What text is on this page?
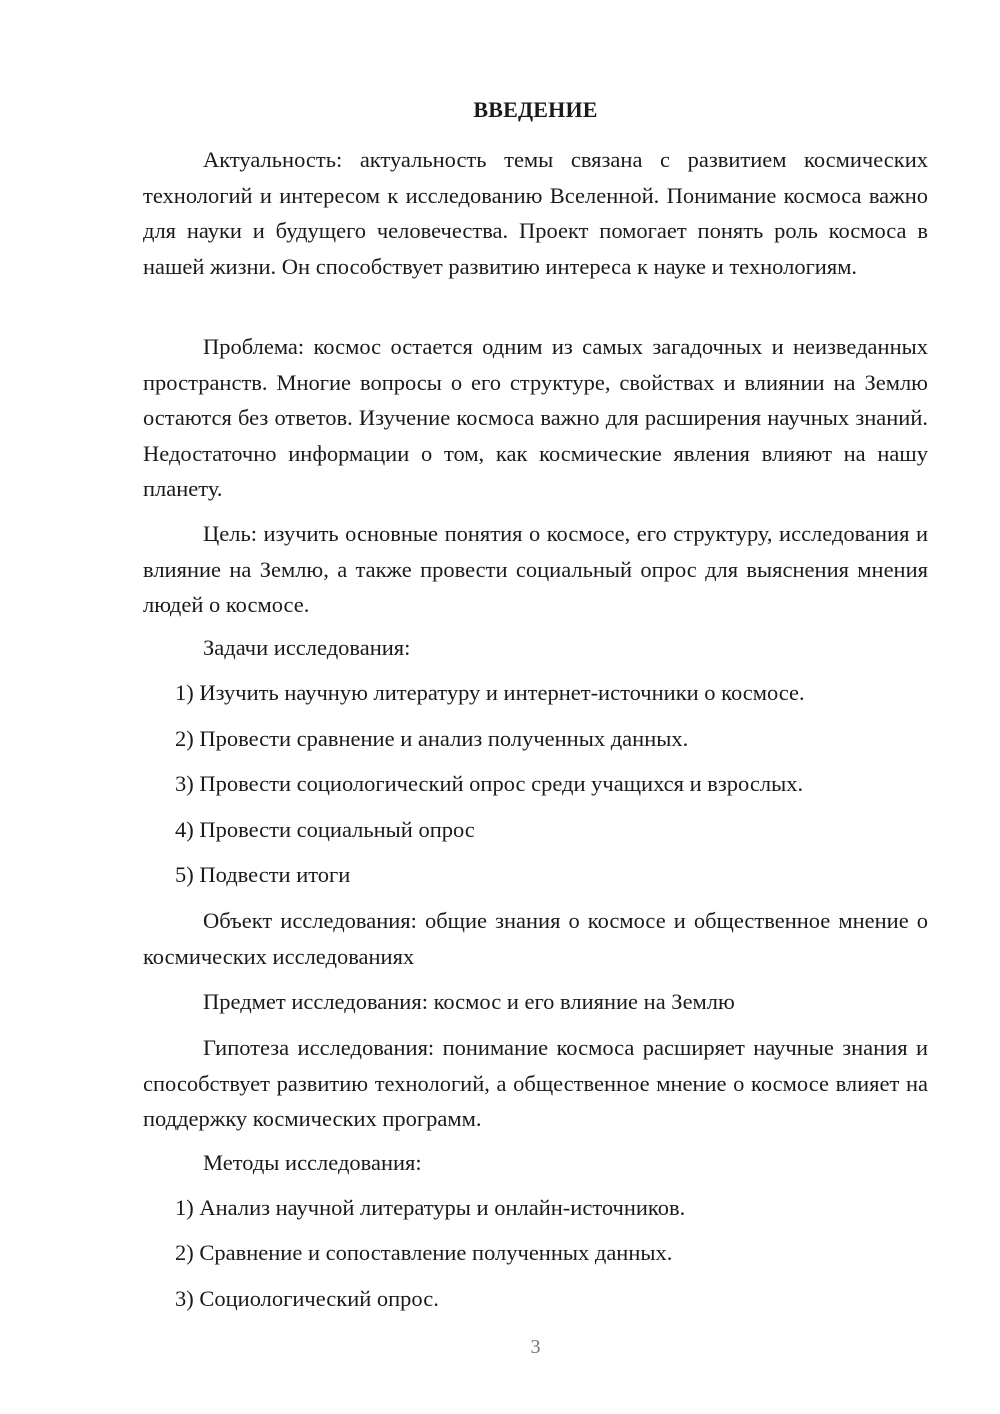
ВВЕДЕНИЕ

Актуальность: актуальность темы связана с развитием космических технологий и интересом к исследованию Вселенной. Понимание космоса важно для науки и будущего человечества. Проект помогает понять роль космоса в нашей жизни. Он способствует развитию интереса к науке и технологиям.

Проблема: космос остается одним из самых загадочных и неизведанных пространств. Многие вопросы о его структуре, свойствах и влиянии на Землю остаются без ответов. Изучение космоса важно для расширения научных знаний. Недостаточно информации о том, как космические явления влияют на нашу планету.

Цель: изучить основные понятия о космосе, его структуру, исследования и влияние на Землю, а также провести социальный опрос для выяснения мнения людей о космосе.

Задачи исследования:

1) Изучить научную литературу и интернет-источники о космосе.

2) Провести сравнение и анализ полученных данных.

3) Провести социологический опрос среди учащихся и взрослых.

4) Провести социальный опрос

5) Подвести итоги

Объект исследования: общие знания о космосе и общественное мнение о космических исследованиях

Предмет исследования: космос и его влияние на Землю

Гипотеза исследования: понимание космоса расширяет научные знания и способствует развитию технологий, а общественное мнение о космосе влияет на поддержку космических программ.

Методы исследования:

1) Анализ научной литературы и онлайн-источников.

2) Сравнение и сопоставление полученных данных.

3) Социологический опрос.

3
